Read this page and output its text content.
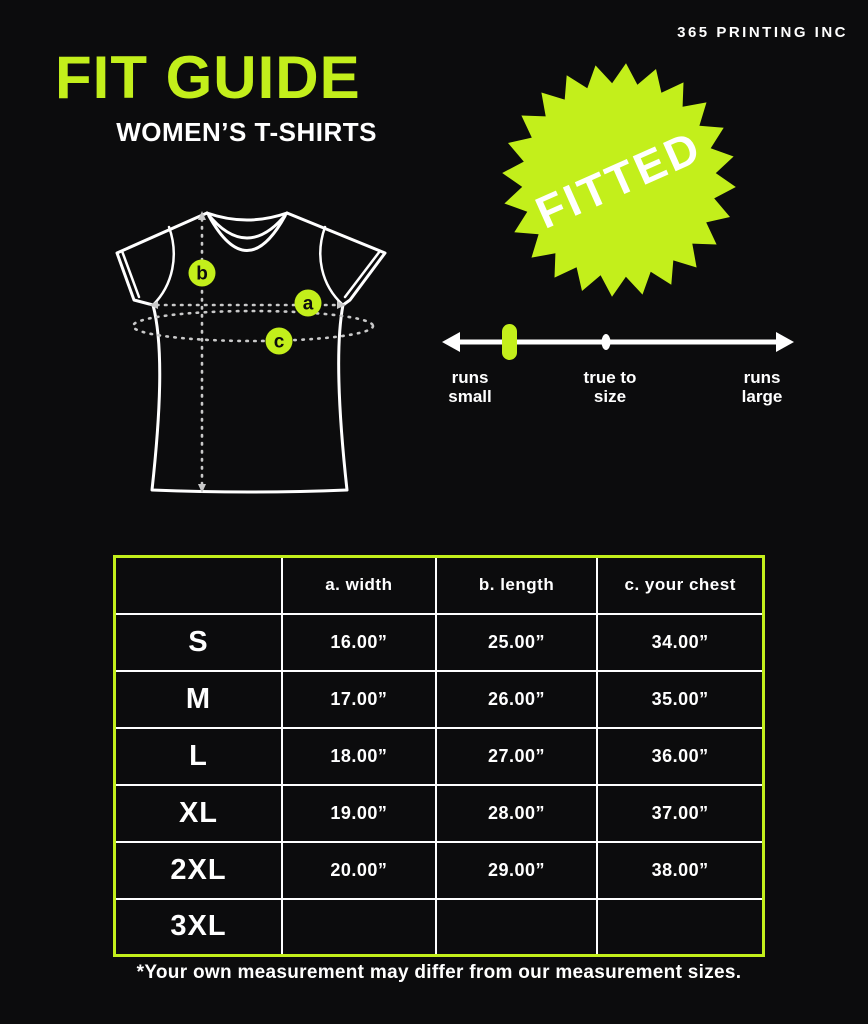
365 PRINTING INC
FIT GUIDE
WOMEN’S T-SHIRTS
a
b
c
FITTED
runs
small
true to
size
runs
large
	a. width	b. length	c. your chest
S	16.00”	25.00”	34.00”
M	17.00”	26.00”	35.00”
L	18.00”	27.00”	36.00”
XL	19.00”	28.00”	37.00”
2XL	20.00”	29.00”	38.00”
3XL			
*Your own measurement may differ from our measurement sizes.
